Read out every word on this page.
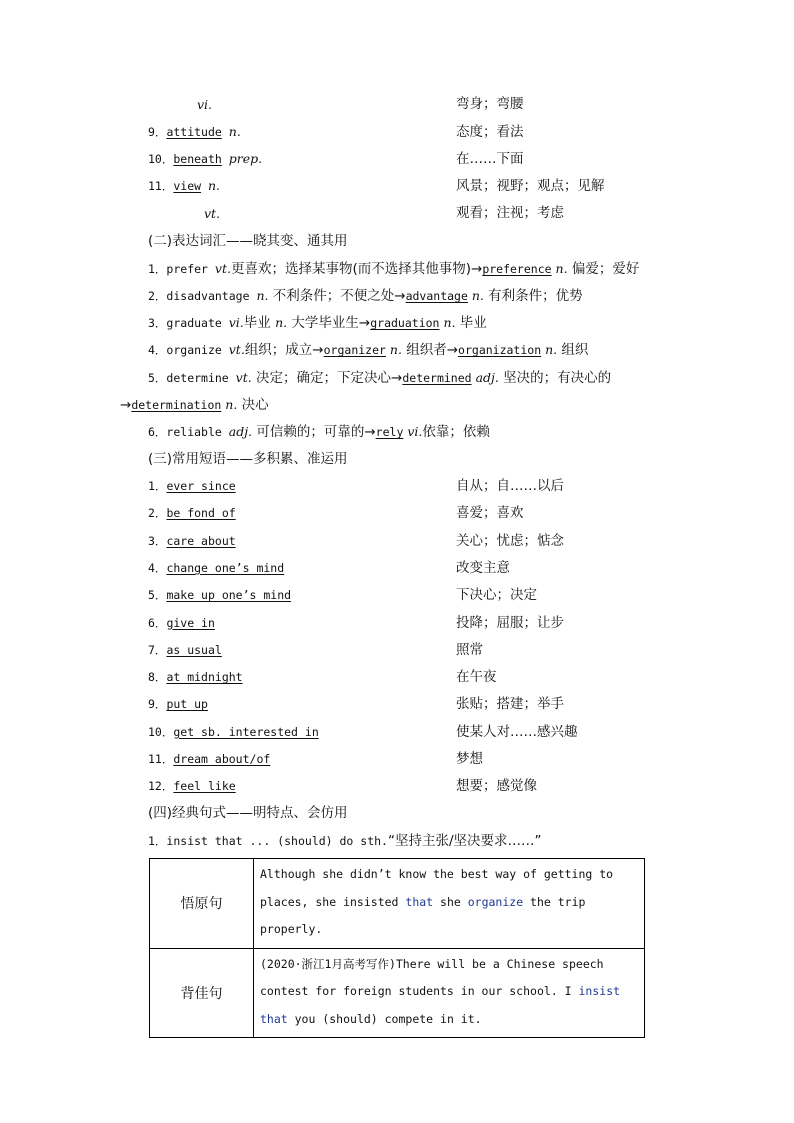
vi.	弯身；弯腰
9．attitude n.	态度；看法
10．beneath prep.	在……下面
11．view n.	风景；视野；观点；见解
vt.	观看；注视；考虑
(二)表达词汇——晓其变、通其用
1．prefer vt.更喜欢；选择某事物(而不选择其他事物)→preference n. 偏爱；爱好
2．disadvantage n. 不利条件；不便之处→advantage n. 有利条件；优势
3．graduate vi.毕业 n. 大学毕业生→graduation n. 毕业
4．organize vt.组织；成立→organizer n. 组织者→organization n. 组织
5．determine vt. 决定；确定；下定决心→determined adj. 坚决的；有决心的
→determination n. 决心
6．reliable adj. 可信赖的；可靠的→rely vi.依靠；依赖
(三)常用短语——多积累、准运用
1．ever since	自从；自……以后
2．be fond of	喜爱；喜欢
3．care about	关心；忧虑；惦念
4．change one’s mind	改变主意
5．make up one’s mind	下决心；决定
6．give in	投降；屈服；让步
7．as usual	照常
8．at midnight	在午夜
9．put up	张贴；搭建；举手
10．get sb. interested in	使某人对……感兴趣
11．dream about/of	梦想
12．feel like	想要；感觉像
(四)经典句式——明特点、会仿用
1．insist that ... (should) do sth.“坚持主张/坚决要求……”
悟原句	Although she didn’t know the best way of getting to places, she insisted that she organize the trip properly.
背佳句	(2020·浙江1月高考写作)There will be a Chinese speech contest for foreign students in our school. I insist that you (should) compete in it.
